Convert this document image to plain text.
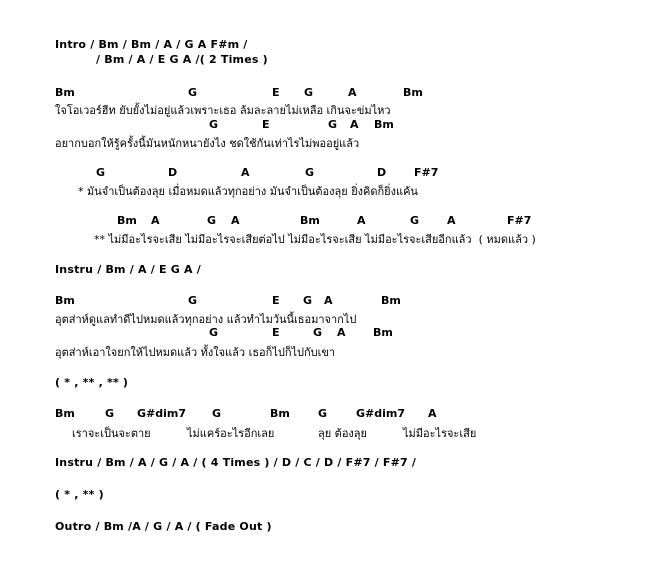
Intro / Bm / Bm / A / G A F#m /
/ Bm / A / E G A /( 2 Times )
Bm	G	E G	A	Bm
ใจโอเวอร์ฮีท ยับยั้งไม่อยู่แล้วเพราะเธอ ล้มละลายไม่เหลือ เกินจะข่มไหว
G	E	G A Bm
อยากบอกให้รู้ครั้งนี้มันหนักหนายังไง ชดใช้กันเท่าไรไม่พออยู่แล้ว
G	D	A	G	D	F#7
* มันจำเป็นต้องลุย เมื่อหมดแล้วทุกอย่าง มันจำเป็นต้องลุย ยิ่งคิดก็ยิ่งแค้น
Bm A	G A	Bm	A	G	A	F#7
** ไม่มีอะไรจะเสีย ไม่มีอะไรจะเสียต่อไป ไม่มีอะไรจะเสีย ไม่มีอะไรจะเสียอีกแล้ว  ( หมดแล้ว )
Instru / Bm / A / E G A /
Bm	G	E G A	Bm
อุตส่าห์ดูแลทำดีไปหมดแล้วทุกอย่าง แล้วทำไมวันนี้เธอมาจากไป
G	E	G A Bm
อุตส่าห์เอาใจยกให้ไปหมดแล้ว ทั้งใจแล้ว เธอก็ไปก็ไปกับเขา
( * , ** , ** )
Bm	G G#dim7 G	Bm	G	G#dim7 A
เราจะเป็นจะตาย	ไม่แคร์อะไรอีกเลย	ลุย ต้องลุย	ไม่มีอะไรจะเสีย
Instru / Bm / A / G / A / ( 4 Times ) / D / C / D / F#7 / F#7 /
( * , ** )
Outro / Bm /A / G / A / ( Fade Out )
